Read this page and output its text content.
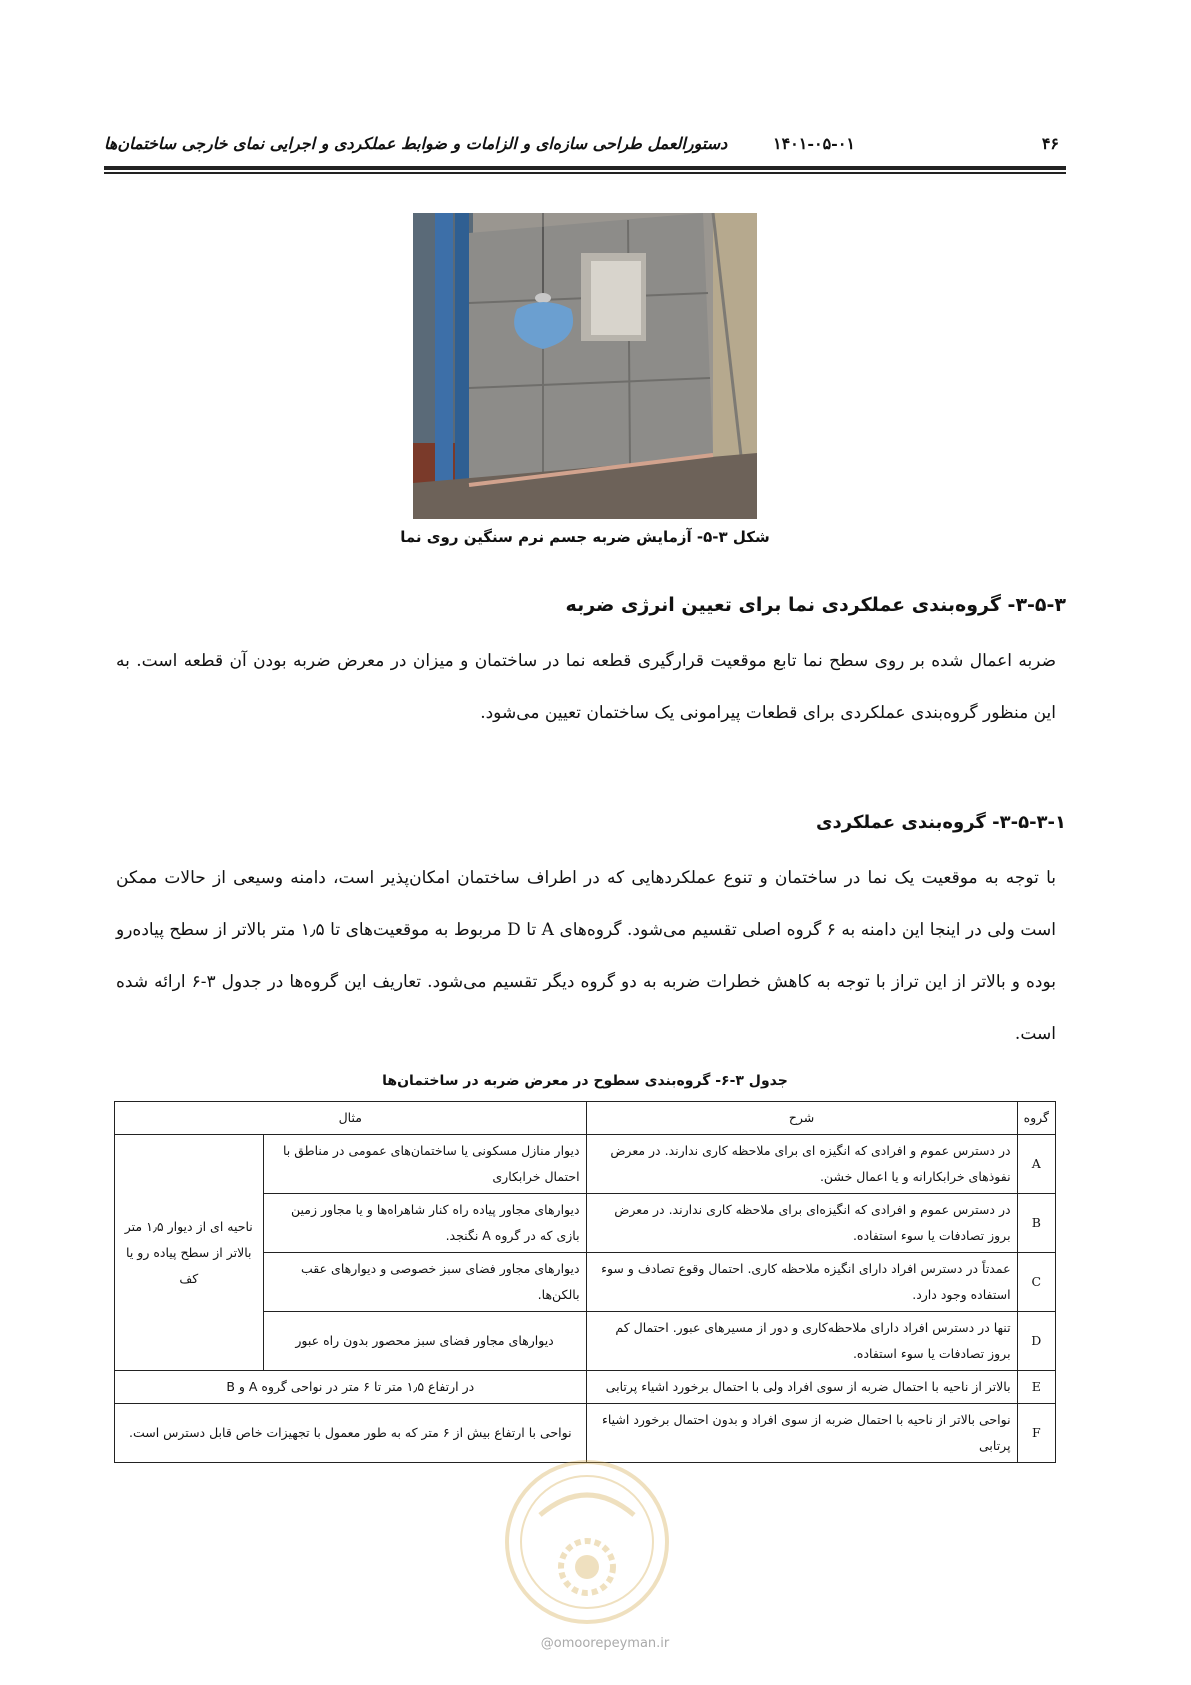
۴۶
۱۴۰۱-۰۵-۰۱
دستورالعمل طراحی سازه‌ای و الزامات و ضوابط عملکردی و اجرایی نمای خارجی ساختمان‌ها
شکل ۳-۵- آزمایش ضربه جسم نرم سنگین روی نما
۳-۵-۳- گروه‌بندی عملکردی نما برای تعیین انرژی ضربه
ضربه اعمال شده بر روی سطح نما تابع موقعیت قرارگیری قطعه نما در ساختمان و میزان در معرض ضربه بودن آن قطعه است. به این منظور گروه‌بندی عملکردی برای قطعات پیرامونی یک ساختمان تعیین می‌شود.
۳-۵-۳-۱- گروه‌بندی عملکردی
با توجه به موقعیت یک نما در ساختمان و تنوع عملکردهایی که در اطراف ساختمان امکان‌پذیر است، دامنه وسیعی از حالات ممکن است ولی در اینجا این دامنه به ۶ گروه اصلی تقسیم می‌شود. گروه‌های A تا D مربوط به موقعیت‌های تا ۱٫۵ متر بالاتر از سطح پیاده‌رو بوده و بالاتر از این تراز با توجه به کاهش خطرات ضربه به دو گروه دیگر تقسیم می‌شود. تعاریف این گروه‌ها در جدول ۳-۶ ارائه شده است.
جدول ۳-۶- گروه‌بندی سطوح در معرض ضربه در ساختمان‌ها
گروه	شرح	مثال	
A	در دسترس عموم و افرادی که انگیزه ای برای ملاحظه کاری ندارند. در معرض نفوذهای خرابکارانه و یا اعمال خشن.	دیوار منازل مسکونی یا ساختمان‌های عمومی در مناطق با احتمال خرابکاری	ناحیه ای از دیوار ۱٫۵ متر بالاتر از سطح پیاده رو یا کف
B	در دسترس عموم و افرادی که انگیزه‌ای برای ملاحظه کاری ندارند. در معرض بروز تصادفات یا سوء استفاده.	دیوارهای مجاور پیاده راه کنار شاهراه‌ها و یا مجاور زمین بازی که در گروه A نگنجد.	
C	عمدتاً در دسترس افراد دارای انگیزه ملاحظه کاری. احتمال وقوع تصادف و سوء استفاده وجود دارد.	دیوارهای مجاور فضای سبز خصوصی و دیوارهای عقب بالکن‌ها.	
D	تنها در دسترس افراد دارای ملاحظه‌کاری و دور از مسیرهای عبور. احتمال کم بروز تصادفات یا سوء استفاده.	دیوارهای مجاور فضای سبز محصور بدون راه عبور	
E	بالاتر از ناحیه با احتمال ضربه از سوی افراد ولی با احتمال برخورد اشیاء پرتابی	در ارتفاع ۱٫۵ متر تا ۶ متر در نواحی گروه A و B	
F	نواحی بالاتر از ناحیه با احتمال ضربه از سوی افراد و بدون احتمال برخورد اشیاء پرتابی	نواحی با ارتفاع بیش از ۶ متر که به طور معمول با تجهیزات خاص قابل دسترس است.	
@omoorepeyman.ir
